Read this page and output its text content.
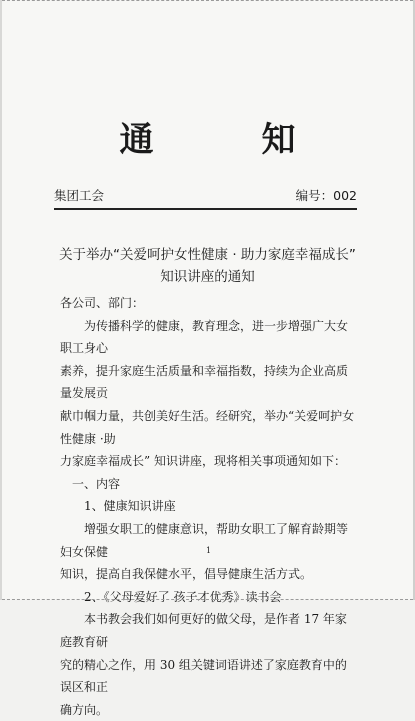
通	知
集团工会	编号：002
关于举办“关爱呵护女性健康 · 助力家庭幸福成长”
知识讲座的通知

各公司、部门：

为传播科学的健康，教育理念，进一步增强广大女职工身心

素养，提升家庭生活质量和幸福指数，持续为企业高质量发展贡

献巾帼力量，共创美好生活。经研究，举办“关爱呵护女性健康 ·助

力家庭幸福成长” 知识讲座，现将相关事项通知如下：

一、内容

1、健康知识讲座

增强女职工的健康意识，帮助女职工了解育龄期等妇女保健

知识，提高自我保健水平，倡导健康生活方式。

2、《父母爱好了 孩子才优秀》读书会

本书教会我们如何更好的做父母，是作者 17 年家庭教育研

究的精心之作，用 30 组关键词语讲述了家庭教育中的误区和正

确方向。

1
